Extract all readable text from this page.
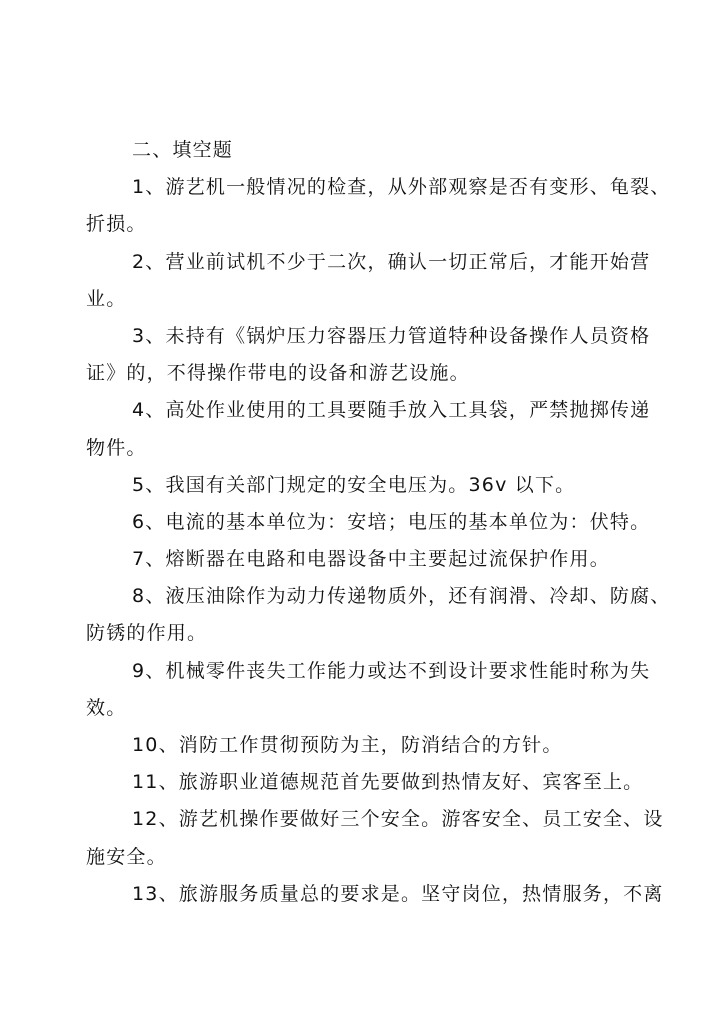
二、填空题
1、游艺机一般情况的检查，从外部观察是否有变形、龟裂、
折损。
2、营业前试机不少于二次，确认一切正常后，才能开始营
业。
3、未持有《锅炉压力容器压力管道特种设备操作人员资格
证》的，不得操作带电的设备和游艺设施。
4、高处作业使用的工具要随手放入工具袋，严禁抛掷传递
物件。
5、我国有关部门规定的安全电压为。36v 以下。
6、电流的基本单位为：安培；电压的基本单位为：伏特。
7、熔断器在电路和电器设备中主要起过流保护作用。
8、液压油除作为动力传递物质外，还有润滑、冷却、防腐、
防锈的作用。
9、机械零件丧失工作能力或达不到设计要求性能时称为失
效。
10、消防工作贯彻预防为主，防消结合的方针。
11、旅游职业道德规范首先要做到热情友好、宾客至上。
12、游艺机操作要做好三个安全。游客安全、员工安全、设
施安全。
13、旅游服务质量总的要求是。坚守岗位，热情服务，不离
